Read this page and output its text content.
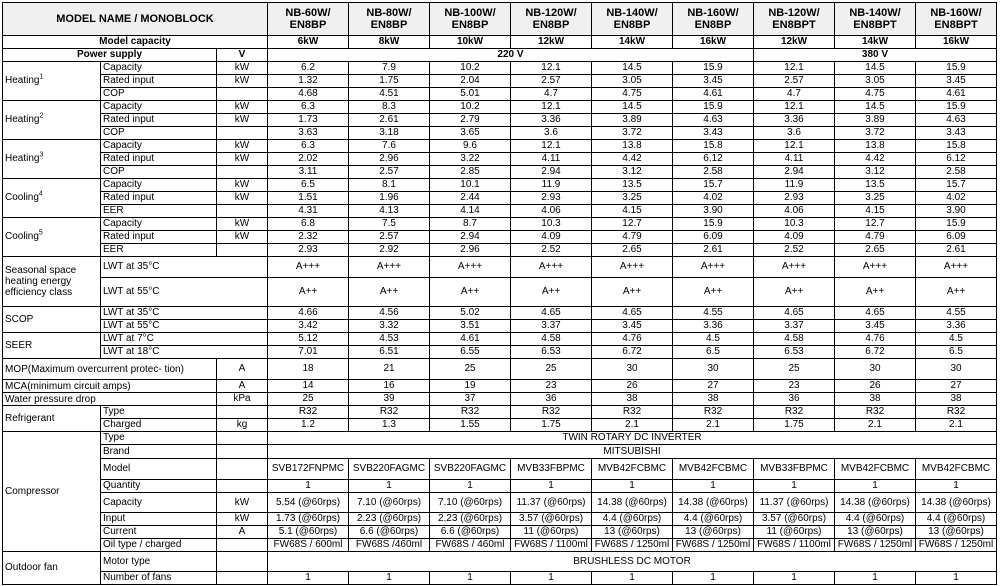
MODEL NAME / MONOBLOCK			NB-60W/ EN8BP	NB-80W/ EN8BP	NB-100W/ EN8BP	NB-120W/ EN8BP	NB-140W/ EN8BP	NB-160W/ EN8BP	NB-120W/ EN8BPT	NB-140W/ EN8BPT	NB-160W/ EN8BPT
Model capacity			6kW	8kW	10kW	12kW	14kW	16kW	12kW	14kW	16kW
Power supply		V	220 V						380 V		
Heating$^1$	Capacity	kW	6.2	7.9	10.2	12.1	14.5	15.9	12.1	14.5	15.9
	Rated input	kW	1.32	1.75	2.04	2.57	3.05	3.45	2.57	3.05	3.45
	COP		4.68	4.51	5.01	4.7	4.75	4.61	4.7	4.75	4.61
Heating$^2$	Capacity	kW	6.3	8.3	10.2	12.1	14.5	15.9	12.1	14.5	15.9
	Rated input	kW	1.73	2.61	2.79	3.36	3.89	4.63	3.36	3.89	4.63
	COP		3.63	3.18	3.65	3.6	3.72	3.43	3.6	3.72	3.43
Heating$^3$	Capacity	kW	6.3	7.6	9.6	12.1	13.8	15.8	12.1	13.8	15.8
	Rated input	kW	2.02	2.96	3.22	4.11	4.42	6.12	4.11	4.42	6.12
	COP		3.11	2.57	2.85	2.94	3.12	2.58	2.94	3.12	2.58
Cooling$^4$	Capacity	kW	6.5	8.1	10.1	11.9	13.5	15.7	11.9	13.5	15.7
	Rated input	kW	1.51	1.96	2.44	2.93	3.25	4.02	2.93	3.25	4.02
	EER		4.31	4.13	4.14	4.06	4.15	3.90	4.06	4.15	3.90
Cooling$^5$	Capacity	kW	6.8	7.5	8.7	10.3	12.7	15.9	10.3	12.7	15.9
	Rated input	kW	2.32	2.57	2.94	4.09	4.79	6.09	4.09	4.79	6.09
	EER		2.93	2.92	2.96	2.52	2.65	2.61	2.52	2.65	2.61
Seasonal space heating energy efficiency class	LWT at 35°C		A+++	A+++	A+++	A+++	A+++	A+++	A+++	A+++	A+++
	LWT at 55°C		A++	A++	A++	A++	A++	A++	A++	A++	A++
SCOP	LWT at 35°C		4.66	4.56	5.02	4.65	4.65	4.55	4.65	4.65	4.55
	LWT at 55°C		3.42	3.32	3.51	3.37	3.45	3.36	3.37	3.45	3.36
SEER	LWT at 7°C		5.12	4.53	4.61	4.58	4.76	4.5	4.58	4.76	4.5
	LWT at 18°C		7.01	6.51	6.55	6.53	6.72	6.5	6.53	6.72	6.5
MOP(Maximum overcurrent protec- tion)		A	18	21	25	25	30	30	25	30	30
MCA(minimum circuit amps)		A	14	16	19	23	26	27	23	26	27
Water pressure drop		kPa	25	39	37	36	38	38	36	38	38
Refrigerant	Type		R32	R32	R32	R32	R32	R32	R32	R32	R32
	Charged	kg	1.2	1.3	1.55	1.75	2.1	2.1	1.75	2.1	2.1
Compressor	Type		TWIN ROTARY DC INVERTER								
	Brand		MITSUBISHI								
	Model		SVB172FNPMC	SVB220FAGMC	SVB220FAGMC	MVB33FBPMC	MVB42FCBMC	MVB42FCBMC	MVB33FBPMC	MVB42FCBMC	MVB42FCBMC
	Quantity		1	1	1	1	1	1	1	1	1
	Capacity	kW	5.54 (@60rps)	7.10 (@60rps)	7.10 (@60rps)	11.37 (@60rps)	14.38 (@60rps)	14.38 (@60rps)	11.37 (@60rps)	14.38 (@60rps)	14.38 (@60rps)
	Input	kW	1.73 (@60rps)	2.23 (@60rps)	2.23 (@60rps)	3.57 (@60rps)	4.4 (@60rps)	4.4 (@60rps)	3.57 (@60rps)	4.4 (@60rps)	4.4 (@60rps)
	Current	A	5.1 (@60rps)	6.6 (@60rps)	6.6 (@60rps)	11 (@60rps)	13 (@60rps)	13 (@60rps)	11 (@60rps)	13 (@60rps)	13 (@60rps)
	Oil type / charged		FW68S / 600ml	FW68S /460ml	FW68S / 460ml	FW68S / 1100ml	FW68S / 1250ml	FW68S / 1250ml	FW68S / 1100ml	FW68S / 1250ml	FW68S / 1250ml
Outdoor fan	Motor type		BRUSHLESS DC MOTOR								
	Number of fans		1	1	1	1	1	1	1	1	1
